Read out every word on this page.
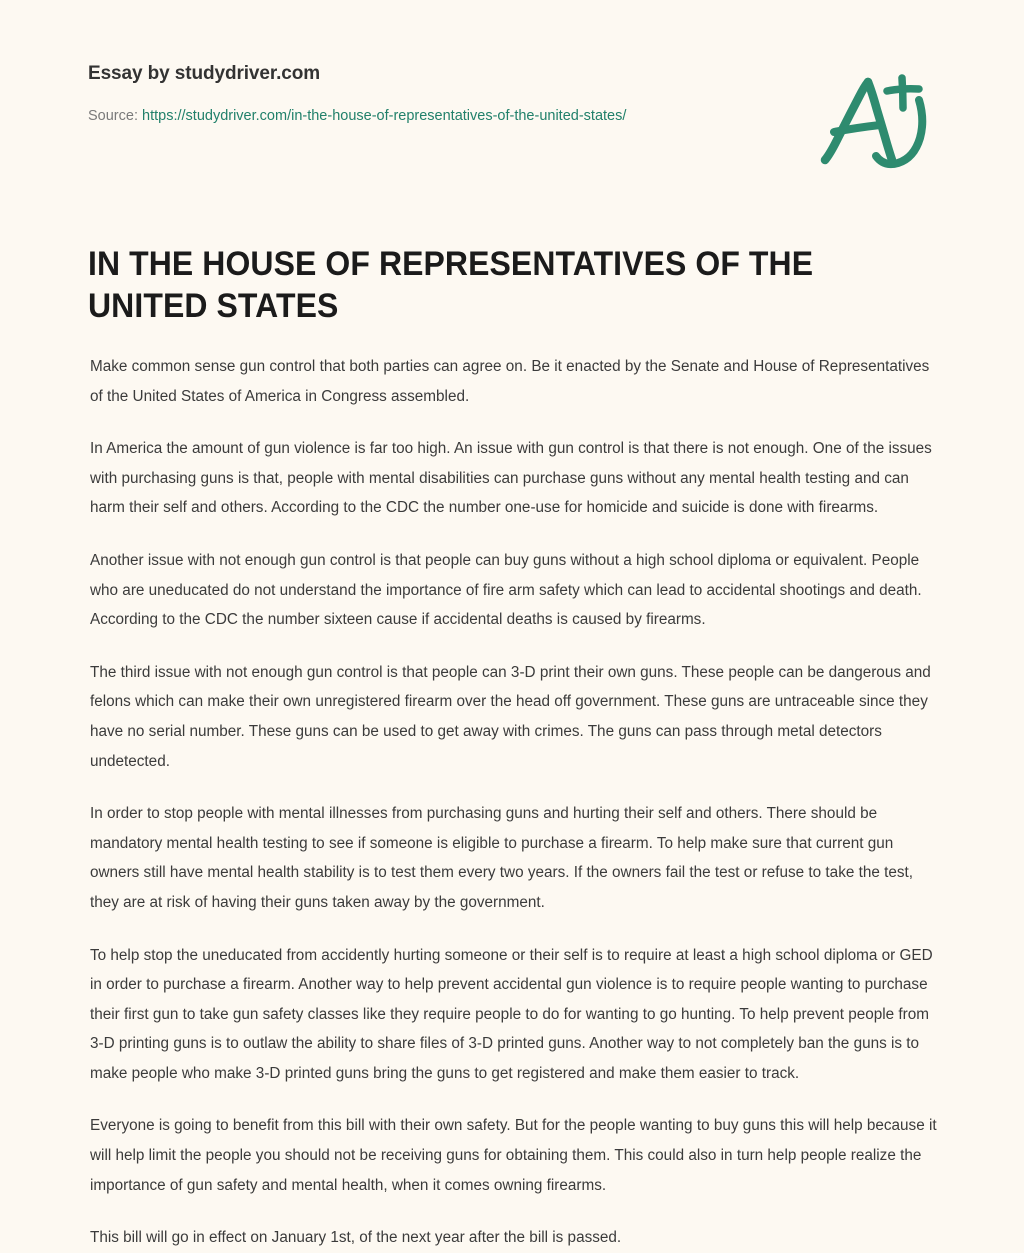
Essay by studydriver.com

Source: https://studydriver.com/in-the-house-of-representatives-of-the-united-states/
IN THE HOUSE OF REPRESENTATIVES OF THE UNITED STATES

Make common sense gun control that both parties can agree on. Be it enacted by the Senate and House of Representatives of the United States of America in Congress assembled.

In America the amount of gun violence is far too high. An issue with gun control is that there is not enough. One of the issues with purchasing guns is that, people with mental disabilities can purchase guns without any mental health testing and can harm their self and others. According to the CDC the number one-use for homicide and suicide is done with firearms.

Another issue with not enough gun control is that people can buy guns without a high school diploma or equivalent. People who are uneducated do not understand the importance of fire arm safety which can lead to accidental shootings and death. According to the CDC the number sixteen cause if accidental deaths is caused by firearms.

The third issue with not enough gun control is that people can 3-D print their own guns. These people can be dangerous and felons which can make their own unregistered firearm over the head off government. These guns are untraceable since they have no serial number. These guns can be used to get away with crimes. The guns can pass through metal detectors undetected.

In order to stop people with mental illnesses from purchasing guns and hurting their self and others. There should be mandatory mental health testing to see if someone is eligible to purchase a firearm. To help make sure that current gun owners still have mental health stability is to test them every two years. If the owners fail the test or refuse to take the test, they are at risk of having their guns taken away by the government.

To help stop the uneducated from accidently hurting someone or their self is to require at least a high school diploma or GED in order to purchase a firearm. Another way to help prevent accidental gun violence is to require people wanting to purchase their first gun to take gun safety classes like they require people to do for wanting to go hunting. To help prevent people from 3-D printing guns is to outlaw the ability to share files of 3-D printed guns. Another way to not completely ban the guns is to make people who make 3-D printed guns bring the guns to get registered and make them easier to track.

Everyone is going to benefit from this bill with their own safety. But for the people wanting to buy guns this will help because it will help limit the people you should not be receiving guns for obtaining them. This could also in turn help people realize the importance of gun safety and mental health, when it comes owning firearms.

This bill will go in effect on January 1st, of the next year after the bill is passed.
